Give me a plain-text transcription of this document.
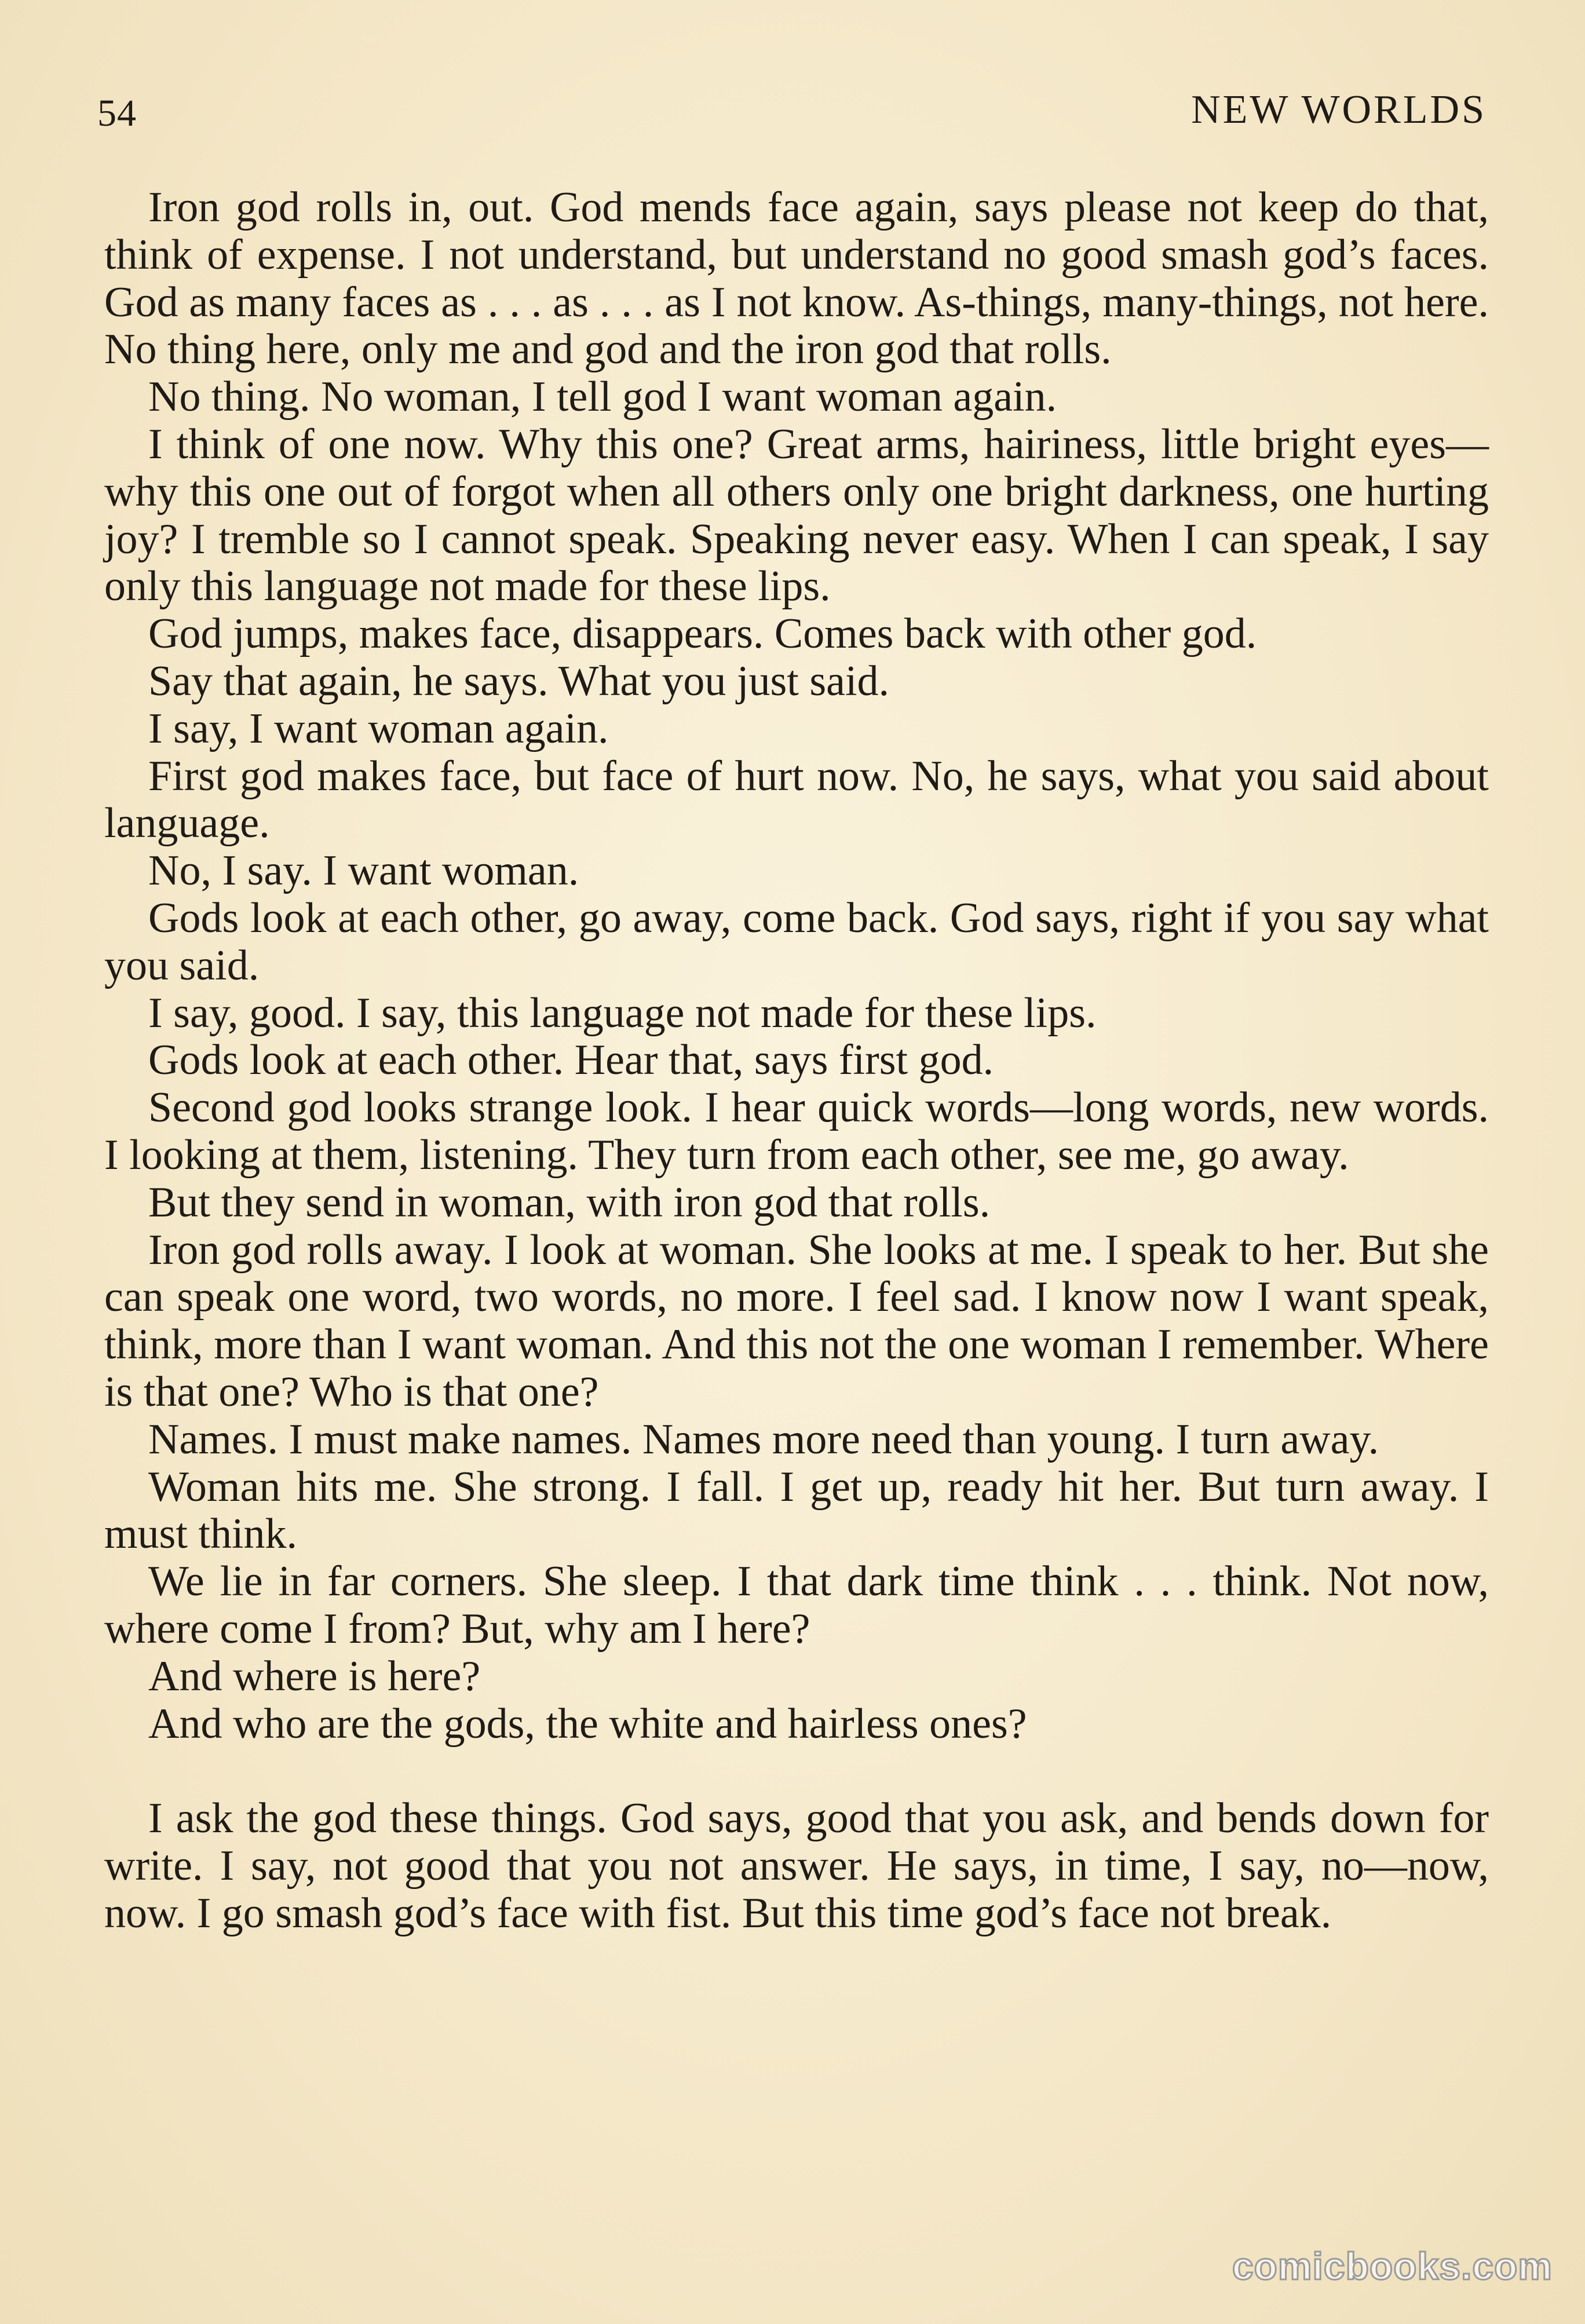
54	NEW WORLDS

Iron god rolls in, out. God mends face again, says please not keep do that, think of expense. I not understand, but understand no good smash god’s faces. God as many faces as . . . as . . . as I not know. As-things, many-things, not here. No thing here, only me and god and the iron god that rolls.

No thing. No woman, I tell god I want woman again.

I think of one now. Why this one? Great arms, hairiness, little bright eyes—why this one out of forgot when all others only one bright darkness, one hurting joy? I tremble so I cannot speak. Speaking never easy. When I can speak, I say only this language not made for these lips.

God jumps, makes face, disappears. Comes back with other god.

Say that again, he says. What you just said.

I say, I want woman again.

First god makes face, but face of hurt now. No, he says, what you said about language.

No, I say. I want woman.

Gods look at each other, go away, come back. God says, right if you say what you said.

I say, good. I say, this language not made for these lips.

Gods look at each other. Hear that, says first god.

Second god looks strange look. I hear quick words—long words, new words. I looking at them, listening. They turn from each other, see me, go away.

But they send in woman, with iron god that rolls.

Iron god rolls away. I look at woman. She looks at me. I speak to her. But she can speak one word, two words, no more. I feel sad. I know now I want speak, think, more than I want woman. And this not the one woman I remember. Where is that one? Who is that one?

Names. I must make names. Names more need than young. I turn away.

Woman hits me. She strong. I fall. I get up, ready hit her. But turn away. I must think.

We lie in far corners. She sleep. I that dark time think . . . think. Not now, where come I from? But, why am I here?

And where is here?

And who are the gods, the white and hairless ones?

I ask the god these things. God says, good that you ask, and bends down for write. I say, not good that you not answer. He says, in time, I say, no—now, now. I go smash god’s face with fist. But this time god’s face not break.

comicbooks.com
